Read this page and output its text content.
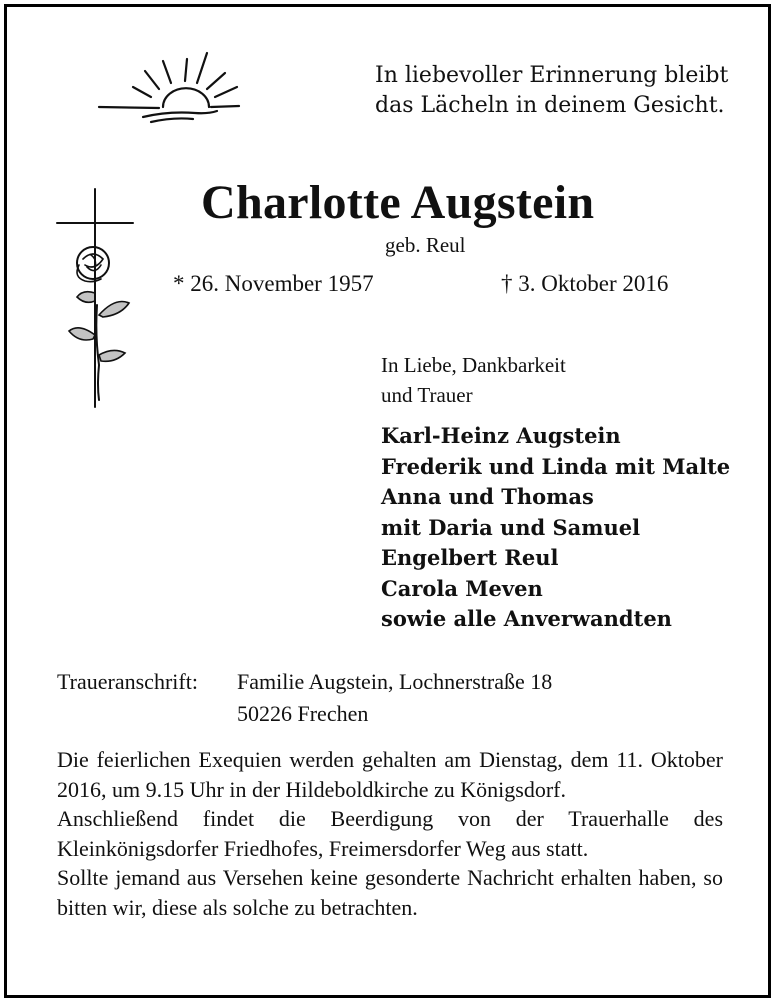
In liebevoller Erinnerung bleibt
das Lächeln in deinem Gesicht.
Charlotte Augstein
geb. Reul
* 26. November 1957	† 3. Oktober 2016
In Liebe, Dankbarkeit
und Trauer
Karl-Heinz Augstein
Frederik und Linda mit Malte
Anna und Thomas
mit Daria und Samuel
Engelbert Reul
Carola Meven
sowie alle Anverwandten
Traueranschrift: Familie Augstein, Lochnerstraße 18
50226 Frechen

Die feierlichen Exequien werden gehalten am Dienstag, dem 11. Oktober 2016, um 9.15 Uhr in der Hildeboldkirche zu Königsdorf.

Anschließend findet die Beerdigung von der Trauerhalle des Kleinkönigsdorfer Friedhofes, Freimersdorfer Weg aus statt.

Sollte jemand aus Versehen keine gesonderte Nachricht erhalten haben, so bitten wir, diese als solche zu betrachten.
